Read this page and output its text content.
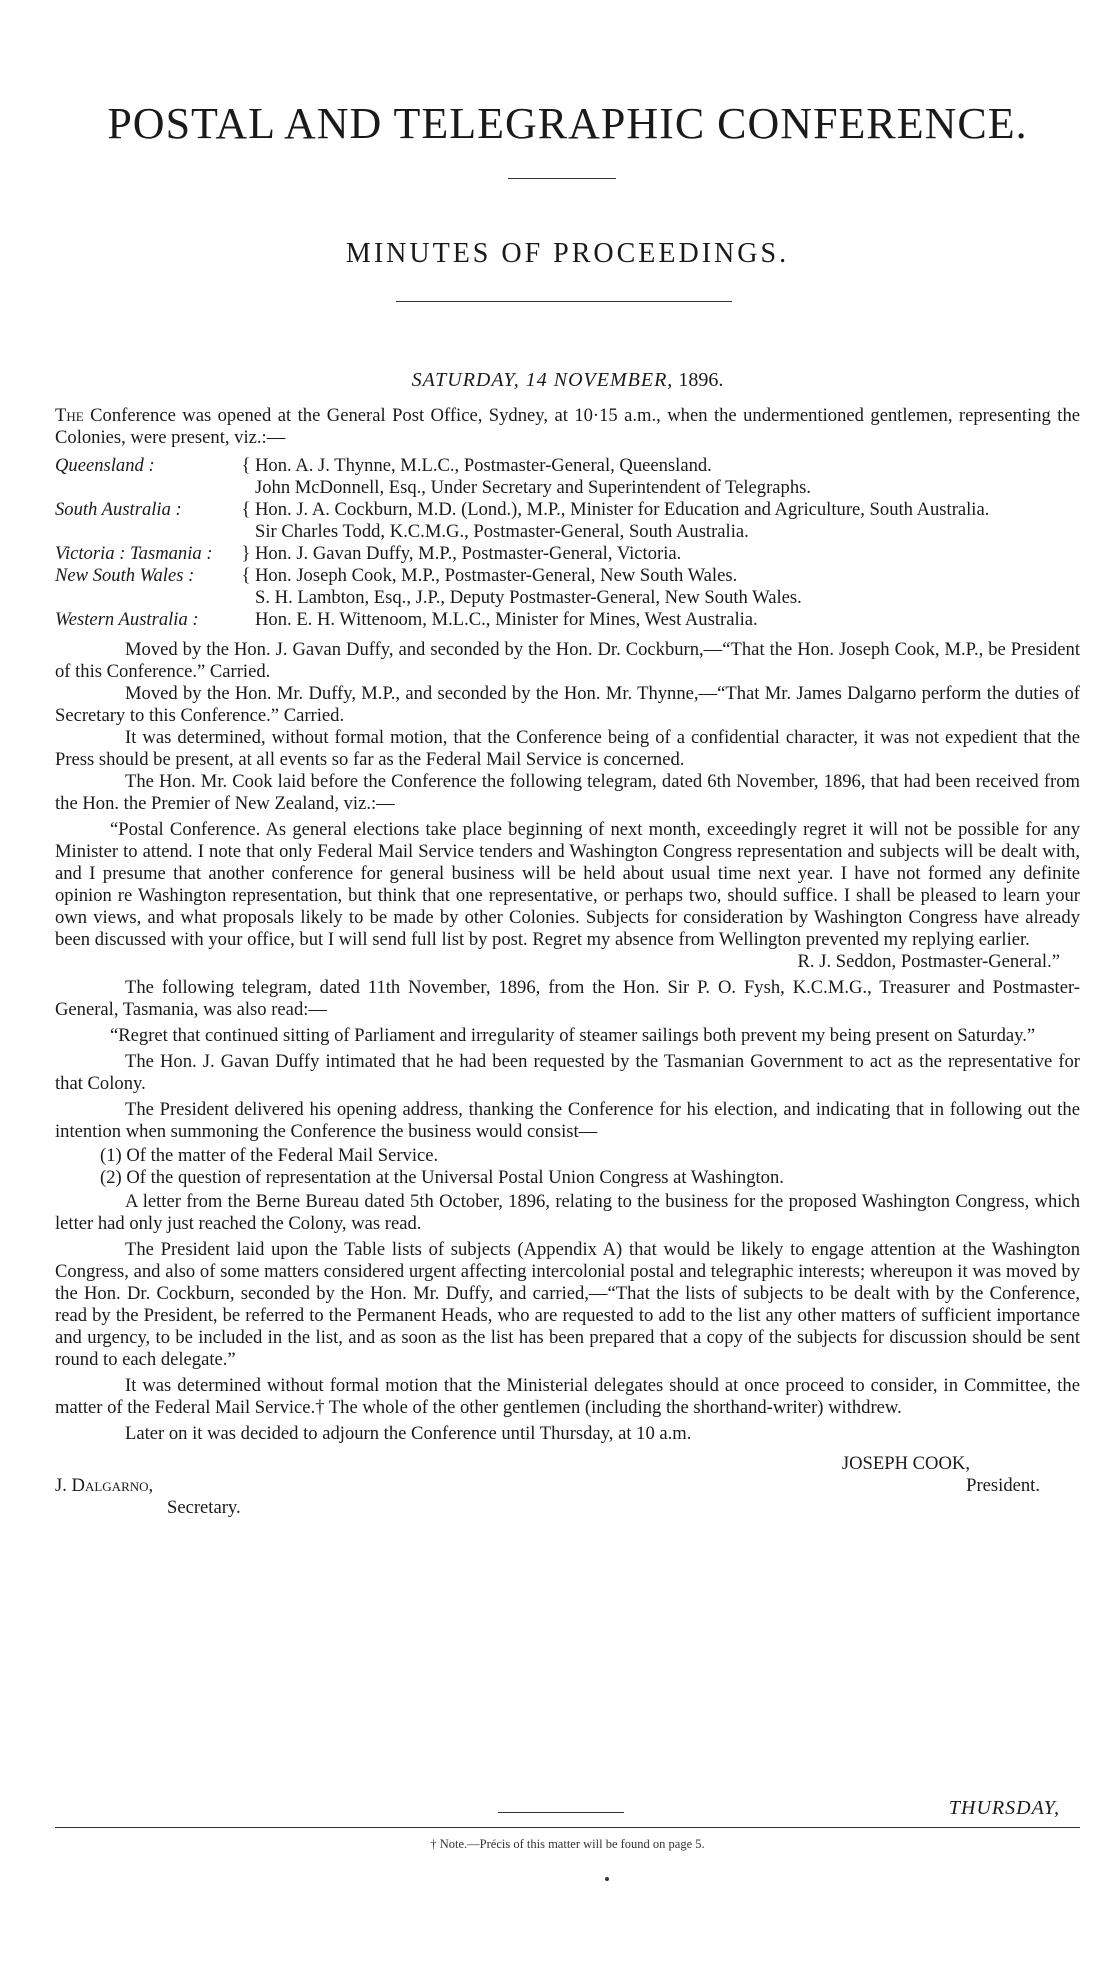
POSTAL AND TELEGRAPHIC CONFERENCE.
MINUTES OF PROCEEDINGS.
SATURDAY, 14 NOVEMBER, 1896.

The Conference was opened at the General Post Office, Sydney, at 10·15 a.m., when the undermentioned gentlemen, representing the Colonies, were present, viz.:—

Queensland :	{ Hon. A. J. Thynne, M.L.C., Postmaster-General, Queensland.
John McDonnell, Esq., Under Secretary and Superintendent of Telegraphs.
South Australia :	{ Hon. J. A. Cockburn, M.D. (Lond.), M.P., Minister for Education and Agriculture, South Australia.
Sir Charles Todd, K.C.M.G., Postmaster-General, South Australia.
Victoria : Tasmania :	} Hon. J. Gavan Duffy, M.P., Postmaster-General, Victoria.
New South Wales :	{ Hon. Joseph Cook, M.P., Postmaster-General, New South Wales.
S. H. Lambton, Esq., J.P., Deputy Postmaster-General, New South Wales.
Western Australia :	Hon. E. H. Wittenoom, M.L.C., Minister for Mines, West Australia.

Moved by the Hon. J. Gavan Duffy, and seconded by the Hon. Dr. Cockburn,—“That the Hon. Joseph Cook, M.P., be President of this Conference.” Carried.

Moved by the Hon. Mr. Duffy, M.P., and seconded by the Hon. Mr. Thynne,—“That Mr. James Dalgarno perform the duties of Secretary to this Conference.” Carried.

It was determined, without formal motion, that the Conference being of a confidential character, it was not expedient that the Press should be present, at all events so far as the Federal Mail Service is concerned.

The Hon. Mr. Cook laid before the Conference the following telegram, dated 6th November, 1896, that had been received from the Hon. the Premier of New Zealand, viz.:—

“Postal Conference. As general elections take place beginning of next month, exceedingly regret it will not be possible for any Minister to attend. I note that only Federal Mail Service tenders and Washington Congress representation and subjects will be dealt with, and I presume that another conference for general business will be held about usual time next year. I have not formed any definite opinion re Washington representation, but think that one representative, or perhaps two, should suffice. I shall be pleased to learn your own views, and what proposals likely to be made by other Colonies. Subjects for consideration by Washington Congress have already been discussed with your office, but I will send full list by post. Regret my absence from Wellington prevented my replying earlier.

R. J. Seddon, Postmaster-General.”

The following telegram, dated 11th November, 1896, from the Hon. Sir P. O. Fysh, K.C.M.G., Treasurer and Postmaster-General, Tasmania, was also read:—

“Regret that continued sitting of Parliament and irregularity of steamer sailings both prevent my being present on Saturday.”

The Hon. J. Gavan Duffy intimated that he had been requested by the Tasmanian Government to act as the representative for that Colony.

The President delivered his opening address, thanking the Conference for his election, and indicating that in following out the intention when summoning the Conference the business would consist—

(1) Of the matter of the Federal Mail Service.
(2) Of the question of representation at the Universal Postal Union Congress at Washington.

A letter from the Berne Bureau dated 5th October, 1896, relating to the business for the proposed Washington Congress, which letter had only just reached the Colony, was read.

The President laid upon the Table lists of subjects (Appendix A) that would be likely to engage attention at the Washington Congress, and also of some matters considered urgent affecting intercolonial postal and telegraphic interests; whereupon it was moved by the Hon. Dr. Cockburn, seconded by the Hon. Mr. Duffy, and carried,—“That the lists of subjects to be dealt with by the Conference, read by the President, be referred to the Permanent Heads, who are requested to add to the list any other matters of sufficient importance and urgency, to be included in the list, and as soon as the list has been prepared that a copy of the subjects for discussion should be sent round to each delegate.”

It was determined without formal motion that the Ministerial delegates should at once proceed to consider, in Committee, the matter of the Federal Mail Service.† The whole of the other gentlemen (including the shorthand-writer) withdrew.

Later on it was decided to adjourn the Conference until Thursday, at 10 a.m.

JOSEPH COOK,
J. Dalgarno,	President.
Secretary.
THURSDAY,
† Note.—Précis of this matter will be found on page 5.
